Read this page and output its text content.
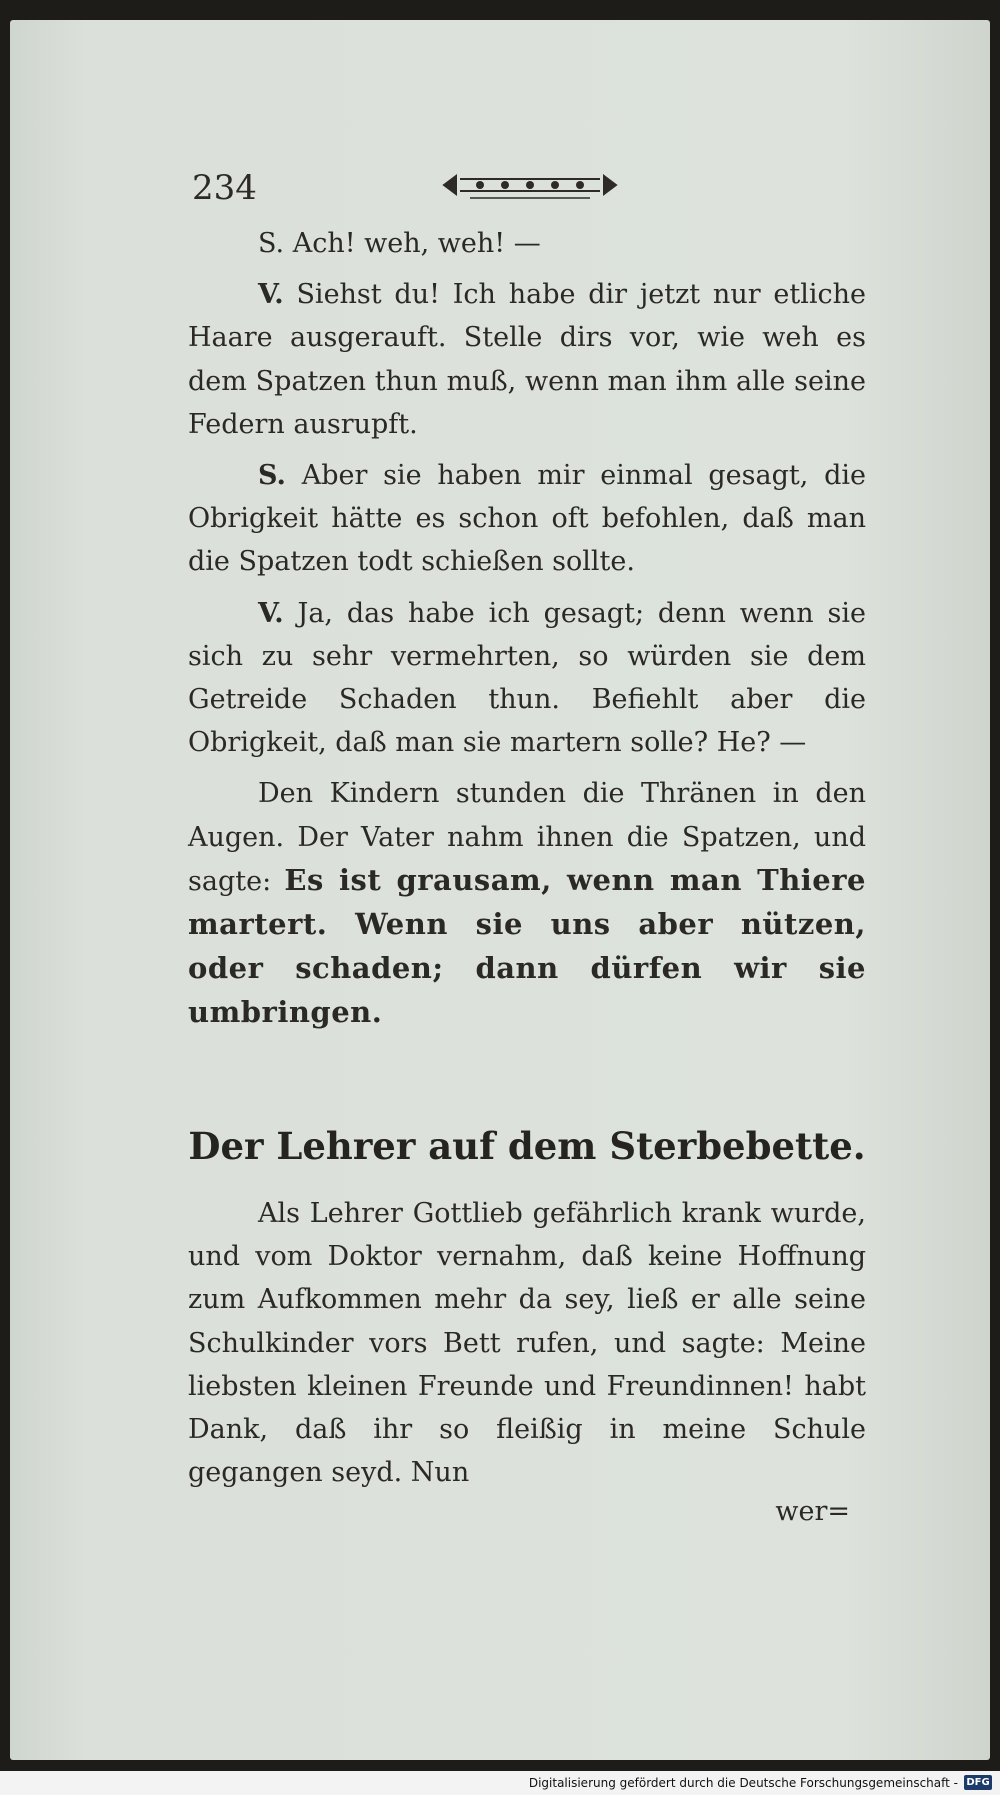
234

S. Ach! weh, weh! —

V. Siehst du! Ich habe dir jetzt nur etliche Haare ausgerauft. Stelle dirs vor, wie weh es dem Spatzen thun muß, wenn man ihm alle seine Federn ausrupft.

S. Aber sie haben mir einmal gesagt, die Obrigkeit hätte es schon oft befohlen, daß man die Spatzen todt schießen sollte.

V. Ja, das habe ich gesagt; denn wenn sie sich zu sehr vermehrten, so würden sie dem Getreide Schaden thun. Befiehlt aber die Obrigkeit, daß man sie martern solle? He? —

Den Kindern stunden die Thränen in den Augen. Der Vater nahm ihnen die Spatzen, und sagte: Es ist grausam, wenn man Thiere martert. Wenn sie uns aber nützen, oder schaden; dann dürfen wir sie umbringen.

Der Lehrer auf dem Sterbebette.

Als Lehrer Gottlieb gefährlich krank wurde, und vom Doktor vernahm, daß keine Hoffnung zum Aufkommen mehr da sey, ließ er alle seine Schulkinder vors Bett rufen, und sagte: Meine liebsten kleinen Freunde und Freundinnen! habt Dank, daß ihr so fleißig in meine Schule gegangen seyd. Nun

wer=
Digitalisierung gefördert durch die Deutsche Forschungsgemeinschaft - DFG
